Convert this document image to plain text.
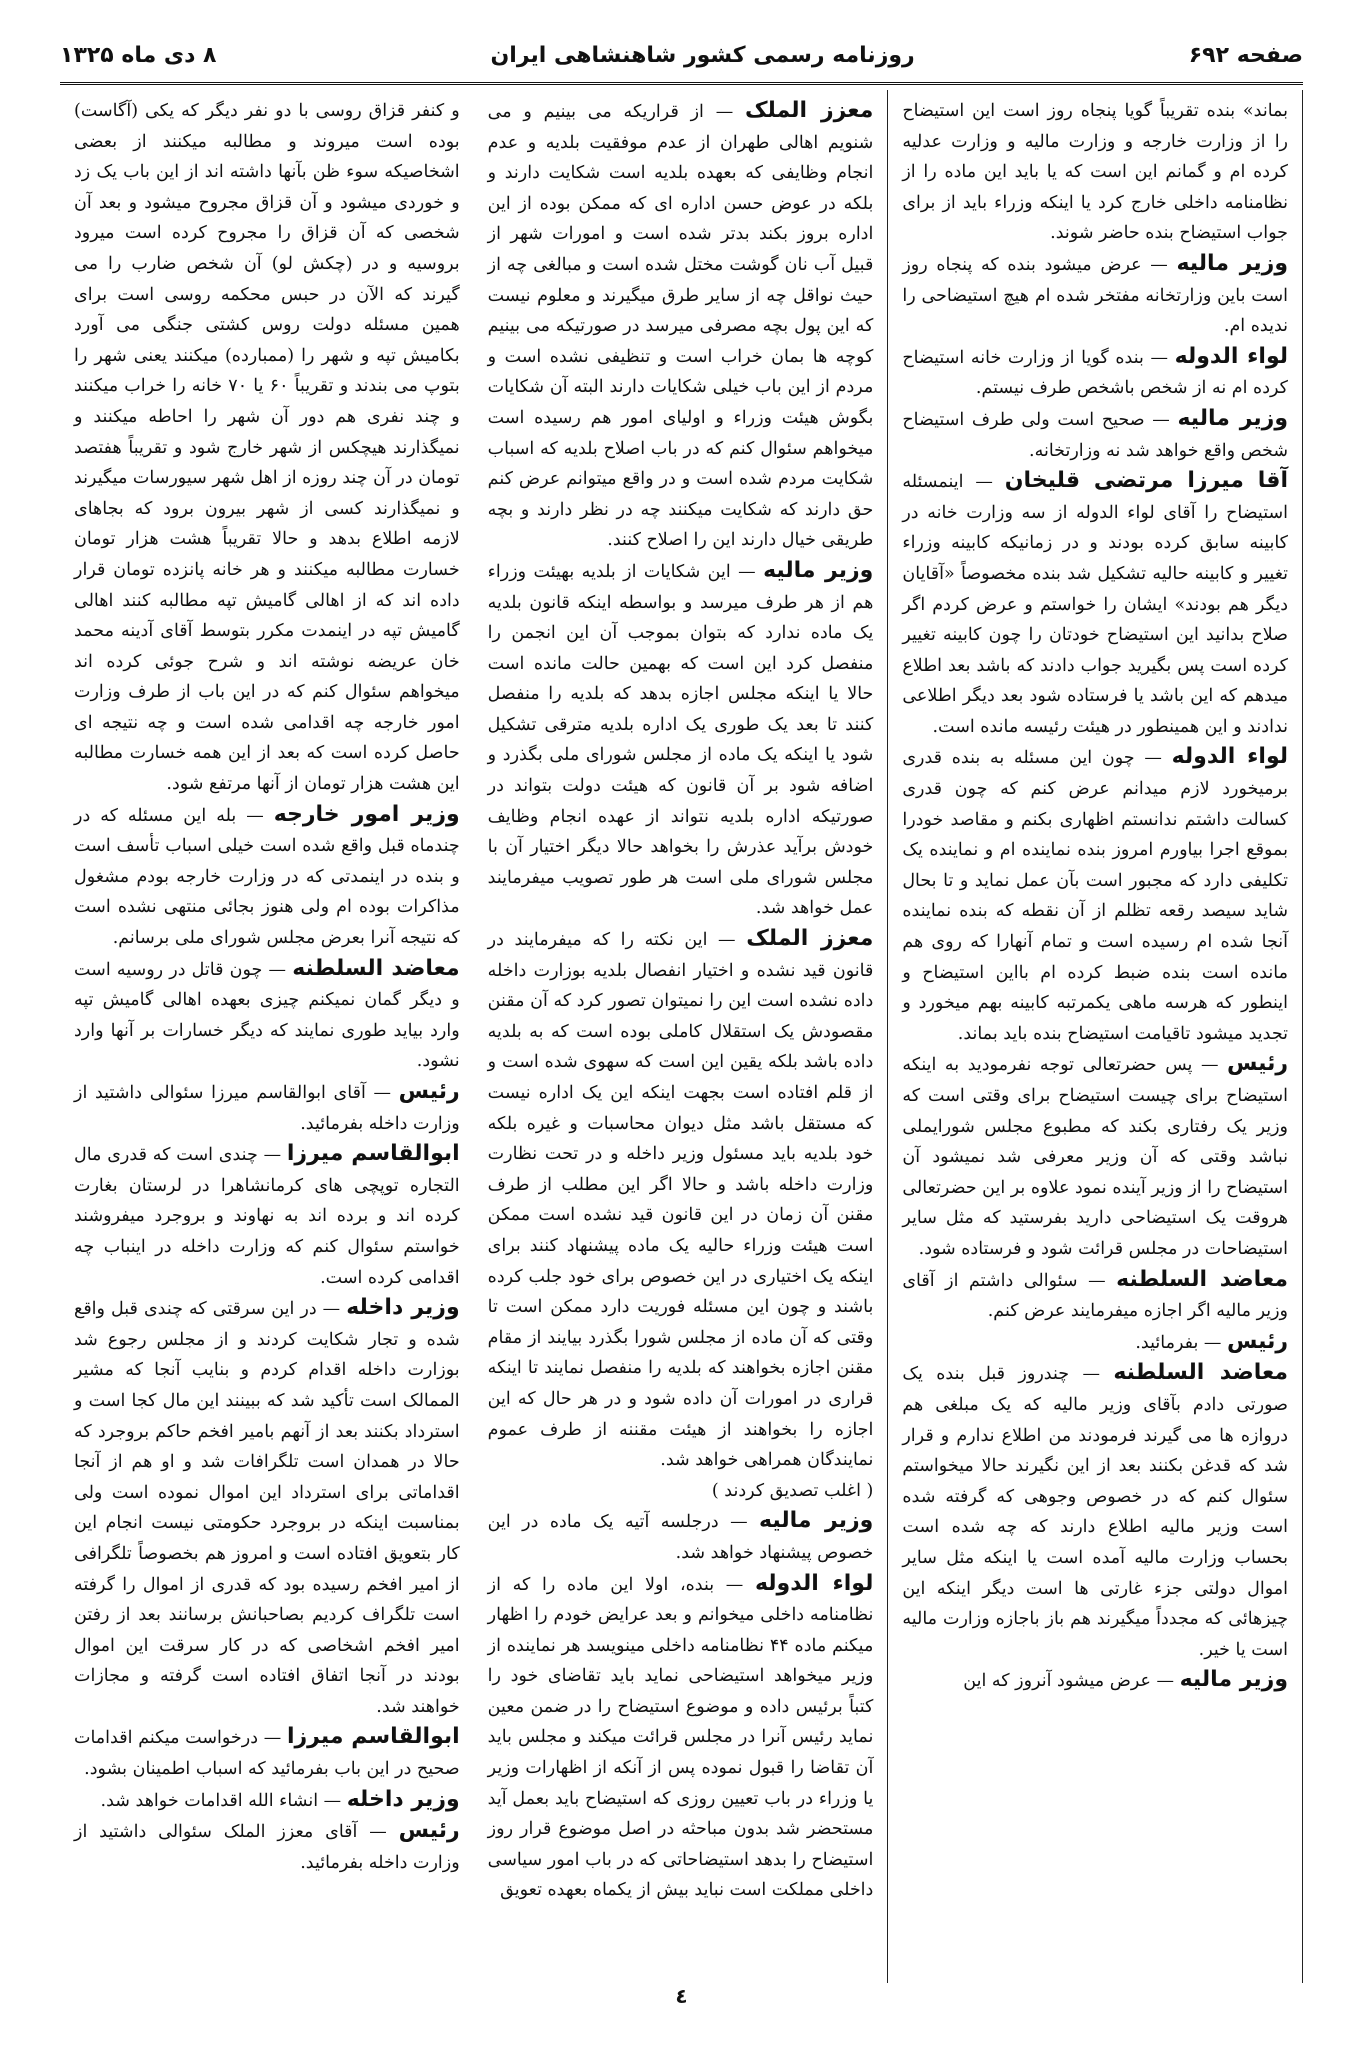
صفحه ۶۹۲
روزنامه رسمی کشور شاهنشاهی ایران
۸ دی ماه ۱۳۲۵

و کنفر قزاق روسی با دو نفر دیگر که یکی (آگاست) بوده است میروند و مطالبه میکنند از بعضی اشخاصیکه سوء ظن بآنها داشته اند از این باب یک زد و خوردی میشود و آن قزاق مجروح میشود و بعد آن شخصی که آن قزاق را مجروح کرده است میرود بروسیه و در (چکش لو) آن شخص ضارب را می گیرند که الآن در حبس محکمه روسی است برای همین مسئله دولت روس کشتی جنگی می آورد بکامیش تپه و شهر را (ممبارده) میکنند یعنی شهر را بتوپ می بندند و تقریباً ۶۰ یا ۷۰ خانه را خراب میکنند و چند نفری هم دور آن شهر را احاطه میکنند و نمیگذارند هیچکس از شهر خارج شود و تقریباً هفتصد تومان در آن چند روزه از اهل شهر سیورسات میگیرند و نمیگذارند کسی از شهر بیرون برود که بجاهای لازمه اطلاع بدهد و حالا تقریباً هشت هزار تومان خسارت مطالبه میکنند و هر خانه پانزده تومان قرار داده اند که از اهالی گامیش تپه مطالبه کنند اهالی گامیش تپه در اینمدت مکرر بتوسط آقای آدینه محمد خان عریضه نوشته اند و شرح جوئی کرده اند میخواهم سئوال کنم که در این باب از طرف وزارت امور خارجه چه اقدامی شده است و چه نتیجه ای حاصل کرده است که بعد از این همه خسارت مطالبه این هشت هزار تومان از آنها مرتفع شود.

وزیر امور خارجه — بله این مسئله که در چندماه قبل واقع شده است خیلی اسباب تأسف است و بنده در اینمدتی که در وزارت خارجه بودم مشغول مذاکرات بوده ام ولی هنوز بجائی منتهی نشده است که نتیجه آنرا بعرض مجلس شورای ملی برسانم.

معاضد السلطنه — چون قاتل در روسیه است و دیگر گمان نمیکنم چیزی بعهده اهالی گامیش تپه وارد بیاید طوری نمایند که دیگر خسارات بر آنها وارد نشود.

رئیس — آقای ابوالقاسم میرزا سئوالی داشتید از وزارت داخله بفرمائید.

ابوالقاسم میرزا — چندی است که قدری مال التجاره توپچی های کرمانشاهرا در لرستان بغارت کرده اند و برده اند به نهاوند و بروجرد میفروشند خواستم سئوال کنم که وزارت داخله در اینباب چه اقدامی کرده است.

وزیر داخله — در این سرقتی که چندی قبل واقع شده و تجار شکایت کردند و از مجلس رجوع شد بوزارت داخله اقدام کردم و بنایب آنجا که مشیر الممالک است تأکید شد که ببینند این مال کجا است و استرداد بکنند بعد از آنهم بامیر افخم حاکم بروجرد که حالا در همدان است تلگرافات شد و او هم از آنجا اقداماتی برای استرداد این اموال نموده است ولی بمناسبت اینکه در بروجرد حکومتی نیست انجام این کار بتعویق افتاده است و امروز هم بخصوصاً تلگرافی از امیر افخم رسیده بود که قدری از اموال را گرفته است تلگراف کردیم بصاحبانش برسانند بعد از رفتن امیر افخم اشخاصی که در کار سرقت این اموال بودند در آنجا اتفاق افتاده است گرفته و مجازات خواهند شد.

ابوالقاسم میرزا — درخواست میکنم اقدامات صحیح در این باب بفرمائید که اسباب اطمینان بشود.

وزیر داخله — انشاء الله اقدامات خواهد شد.

رئیس — آقای معزز الملک سئوالی داشتید از وزارت داخله بفرمائید.

معزز الملک — از قراریکه می بینیم و می شنویم اهالی طهران از عدم موفقیت بلدیه و عدم انجام وظایفی که بعهده بلدیه است شکایت دارند و بلکه در عوض حسن اداره ای که ممکن بوده از این اداره بروز بکند بدتر شده است و امورات شهر از قبیل آب نان گوشت مختل شده است و مبالغی چه از حیث نواقل چه از سایر طرق میگیرند و معلوم نیست که این پول بچه مصرفی میرسد در صورتیکه می بینیم کوچه ها بمان خراب است و تنظیفی نشده است و مردم از این باب خیلی شکایات دارند البته آن شکایات بگوش هیئت وزراء و اولیای امور هم رسیده است میخواهم سئوال کنم که در باب اصلاح بلدیه که اسباب شکایت مردم شده است و در واقع میتوانم عرض کنم حق دارند که شکایت میکنند چه در نظر دارند و بچه طریقی خیال دارند این را اصلاح کنند.

وزیر مالیه — این شکایات از بلدیه بهیئت وزراء هم از هر طرف میرسد و بواسطه اینکه قانون بلدیه یک ماده ندارد که بتوان بموجب آن این انجمن را منفصل کرد این است که بهمین حالت مانده است حالا یا اینکه مجلس اجازه بدهد که بلدیه را منفصل کنند تا بعد یک طوری یک اداره بلدیه مترقی تشکیل شود یا اینکه یک ماده از مجلس شورای ملی بگذرد و اضافه شود بر آن قانون که هیئت دولت بتواند در صورتیکه اداره بلدیه نتواند از عهده انجام وظایف خودش برآید عذرش را بخواهد حالا دیگر اختیار آن با مجلس شورای ملی است هر طور تصویب میفرمایند عمل خواهد شد.

معزز الملک — این نکته را که میفرمایند در قانون قید نشده و اختیار انفصال بلدیه بوزارت داخله داده نشده است این را نمیتوان تصور کرد که آن مقنن مقصودش یک استقلال کاملی بوده است که به بلدیه داده باشد بلکه یقین این است که سهوی شده است و از قلم افتاده است بجهت اینکه این یک اداره نیست که مستقل باشد مثل دیوان محاسبات و غیره بلکه خود بلدیه باید مسئول وزیر داخله و در تحت نظارت وزارت داخله باشد و حالا اگر این مطلب از طرف مقنن آن زمان در این قانون قید نشده است ممکن است هیئت وزراء حالیه یک ماده پیشنهاد کنند برای اینکه یک اختیاری در این خصوص برای خود جلب کرده باشند و چون این مسئله فوریت دارد ممکن است تا وقتی که آن ماده از مجلس شورا بگذرد بیایند از مقام مقنن اجازه بخواهند که بلدیه را منفصل نمایند تا اینکه قراری در امورات آن داده شود و در هر حال که این اجازه را بخواهند از هیئت مقننه از طرف عموم نمایندگان همراهی خواهد شد.

( اغلب تصدیق کردند )

وزیر مالیه — درجلسه آتیه یک ماده در این خصوص پیشنهاد خواهد شد.

لواء الدوله — بنده، اولا این ماده را که از نظامنامه داخلی میخوانم و بعد عرایض خودم را اظهار میکنم ماده ۴۴ نظامنامه داخلی مینویسد هر نماینده از وزیر میخواهد استیضاحی نماید باید تقاضای خود را کتباً برئیس داده و موضوع استیضاح را در ضمن معین نماید رئیس آنرا در مجلس قرائت میکند و مجلس باید آن تقاضا را قبول نموده پس از آنکه از اظهارات وزیر یا وزراء در باب تعیین روزی که استیضاح باید بعمل آید مستحضر شد بدون مباحثه در اصل موضوع قرار روز استیضاح را بدهد استیضاحاتی که در باب امور سیاسی داخلی مملکت است نباید بیش از یکماه بعهده تعویق

بماند» بنده تقریباً گویا پنجاه روز است این استیضاح را از وزارت خارجه و وزارت مالیه و وزارت عدلیه کرده ام و گمانم این است که یا باید این ماده را از نظامنامه داخلی خارج کرد یا اینکه وزراء باید از برای جواب استیضاح بنده حاضر شوند.

وزیر مالیه — عرض میشود بنده که پنجاه روز است باین وزارتخانه مفتخر شده ام هیچ استیضاحی را ندیده ام.

لواء الدوله — بنده گویا از وزارت خانه استیضاح کرده ام نه از شخص باشخص طرف نیستم.

وزیر مالیه — صحیح است ولی طرف استیضاح شخص واقع خواهد شد نه وزارتخانه.

آقا میرزا مرتضی قلیخان — اینمسئله استیضاح را آقای لواء الدوله از سه وزارت خانه در کابینه سابق کرده بودند و در زمانیکه کابینه وزراء تغییر و کابینه حالیه تشکیل شد بنده مخصوصاً «آقایان دیگر هم بودند» ایشان را خواستم و عرض کردم اگر صلاح بدانید این استیضاح خودتان را چون کابینه تغییر کرده است پس بگیرید جواب دادند که باشد بعد اطلاع میدهم که این باشد یا فرستاده شود بعد دیگر اطلاعی ندادند و این همینطور در هیئت رئیسه مانده است.

لواء الدوله — چون این مسئله به بنده قدری برمیخورد لازم میدانم عرض کنم که چون قدری کسالت داشتم ندانستم اظهاری بکنم و مقاصد خودرا بموقع اجرا بیاورم امروز بنده نماینده ام و نماینده یک تکلیفی دارد که مجبور است بآن عمل نماید و تا بحال شاید سیصد رقعه تظلم از آن نقطه که بنده نماینده آنجا شده ام رسیده است و تمام آنهارا که روی هم مانده است بنده ضبط کرده ام بااین استیضاح و اینطور که هرسه ماهی یکمرتبه کابینه بهم میخورد و تجدید میشود تاقیامت استیضاح بنده باید بماند.

رئیس — پس حضرتعالی توجه نفرمودید به اینکه استیضاح برای چیست استیضاح برای وقتی است که وزیر یک رفتاری بکند که مطبوع مجلس شورایملی نباشد وقتی که آن وزیر معرفی شد نمیشود آن استیضاح را از وزیر آینده نمود علاوه بر این حضرتعالی هروقت یک استیضاحی دارید بفرستید که مثل سایر استیضاحات در مجلس قرائت شود و فرستاده شود.

معاضد السلطنه — سئوالی داشتم از آقای وزیر مالیه اگر اجازه میفرمایند عرض کنم.

رئیس — بفرمائید.

معاضد السلطنه — چندروز قبل بنده یک صورتی دادم بآقای وزیر مالیه که یک مبلغی هم دروازه ها می گیرند فرمودند من اطلاع ندارم و قرار شد که قدغن بکنند بعد از این نگیرند حالا میخواستم سئوال کنم که در خصوص وجوهی که گرفته شده است وزیر مالیه اطلاع دارند که چه شده است بحساب وزارت مالیه آمده است یا اینکه مثل سایر اموال دولتی جزء غارتی ها است دیگر اینکه این چیزهائی که مجدداً میگیرند هم باز باجازه وزارت مالیه است یا خیر.

وزیر مالیه — عرض میشود آنروز که این

٤
